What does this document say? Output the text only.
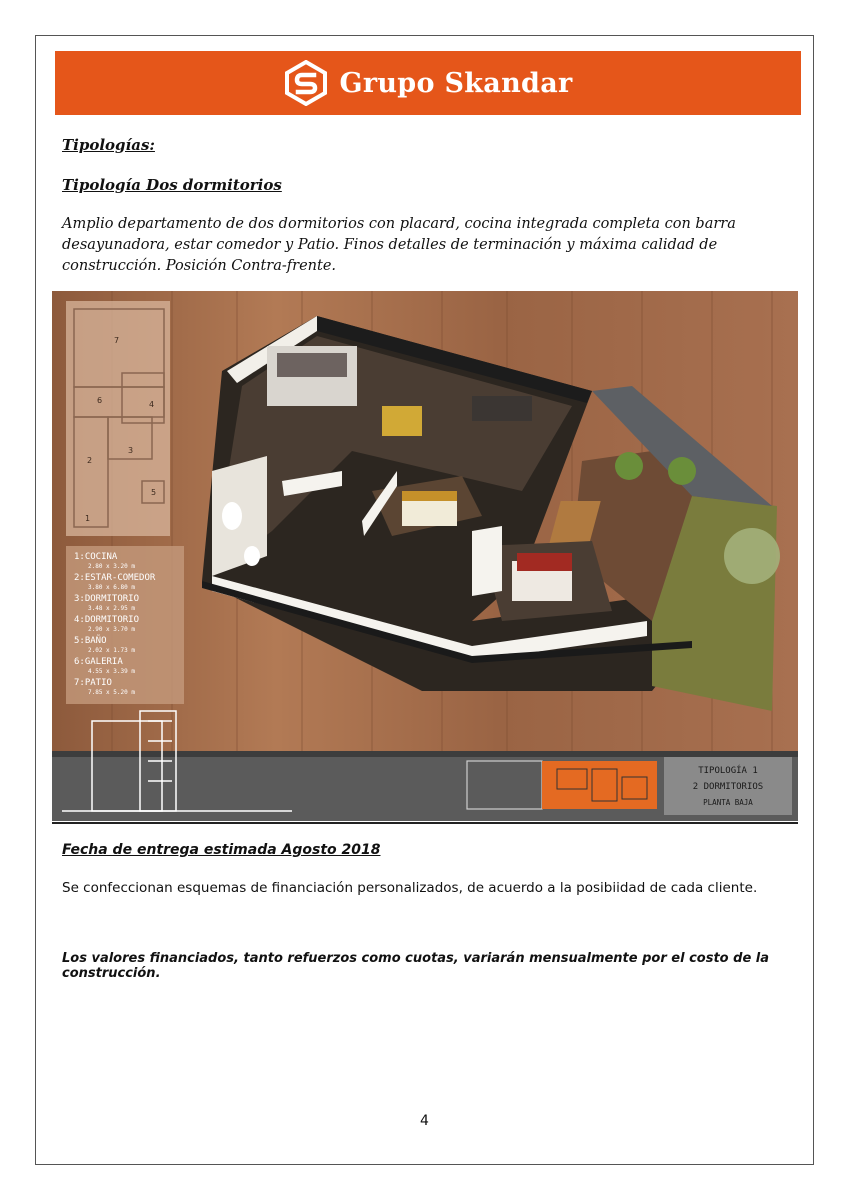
Grupo Skandar
Tipologías:
Tipología Dos dormitorios
Amplio departamento de dos dormitorios con placard, cocina integrada completa con barra desayunadora, estar comedor y Patio. Finos detalles de terminación y máxima calidad de construcción. Posición Contra-frente.
7
6	4
3
2
5
1
1:COCINA
2.80 x 3.20 m
2:ESTAR-COMEDOR
3.80 x 6.80 m
3:DORMITORIO
3.48 x 2.95 m
4:DORMITORIO
2.90 x 3.70 m
5:BAÑO
2.02 x 1.73 m
6:GALERIA
4.55 x 3.39 m
7:PATIO
7.85 x 5.20 m
TIPOLOGÍA 1
2 DORMITORIOS
PLANTA BAJA
Fecha de entrega estimada Agosto 2018
Se confeccionan esquemas de financiación personalizados, de acuerdo a la posibiidad de cada cliente.
Los valores financiados, tanto refuerzos como cuotas, variarán mensualmente por el costo de la construcción.
4
